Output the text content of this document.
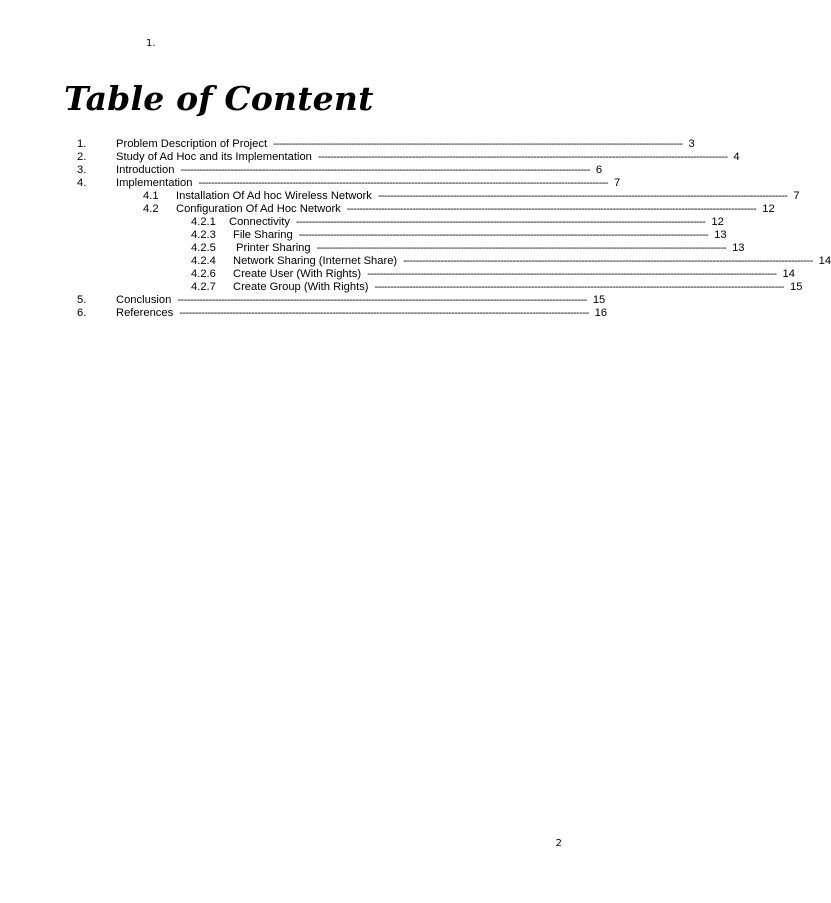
1.
Table of Content
1.	Problem Description of Project ----------------------------------------------------------------------------------------------------------------------------------- 3
2.	Study of Ad Hoc and its Implementation ----------------------------------------------------------------------------------------------------------------------------------- 4
3.	Introduction ----------------------------------------------------------------------------------------------------------------------------------- 6
4.	Implementation ----------------------------------------------------------------------------------------------------------------------------------- 7
4.1	Installation Of Ad hoc Wireless Network ----------------------------------------------------------------------------------------------------------------------------------- 7
4.2	Configuration Of Ad Hoc Network ----------------------------------------------------------------------------------------------------------------------------------- 12
4.2.1	Connectivity ----------------------------------------------------------------------------------------------------------------------------------- 12
4.2.3	File Sharing ----------------------------------------------------------------------------------------------------------------------------------- 13
4.2.5	Printer Sharing ----------------------------------------------------------------------------------------------------------------------------------- 13
4.2.4	Network Sharing (Internet Share) ----------------------------------------------------------------------------------------------------------------------------------- 14
4.2.6	Create User (With Rights) ----------------------------------------------------------------------------------------------------------------------------------- 14
4.2.7	Create Group (With Rights) ----------------------------------------------------------------------------------------------------------------------------------- 15
5.	Conclusion ----------------------------------------------------------------------------------------------------------------------------------- 15
6.	References ----------------------------------------------------------------------------------------------------------------------------------- 16
2
